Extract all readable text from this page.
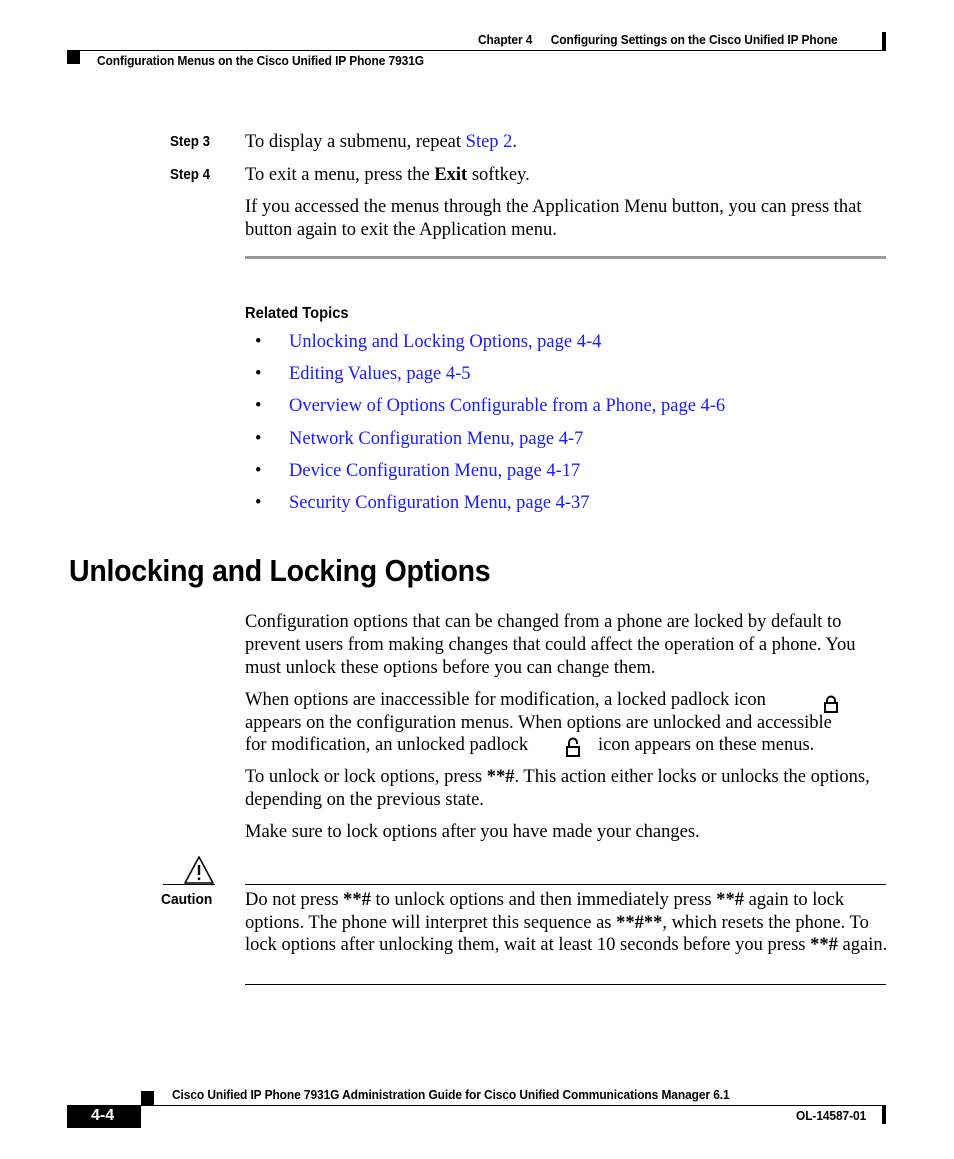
Chapter 4 Configuring Settings on the Cisco Unified IP Phone
Configuration Menus on the Cisco Unified IP Phone 7931G
Step 3 To display a submenu, repeat Step 2.
Step 4 To exit a menu, press the Exit softkey.
If you accessed the menus through the Application Menu button, you can press that button again to exit the Application menu.
Related Topics
• Unlocking and Locking Options, page 4-4
• Editing Values, page 4-5
• Overview of Options Configurable from a Phone, page 4-6
• Network Configuration Menu, page 4-7
• Device Configuration Menu, page 4-17
• Security Configuration Menu, page 4-37
Unlocking and Locking Options
Configuration options that can be changed from a phone are locked by default to prevent users from making changes that could affect the operation of a phone. You must unlock these options before you can change them.
When options are inaccessible for modification, a locked padlock icon
appears on the configuration menus. When options are unlocked and accessible
for modification, an unlocked padlock	icon appears on these menus.
To unlock or lock options, press **#. This action either locks or unlocks the options, depending on the previous state.
Make sure to lock options after you have made your changes.
Caution Do not press **# to unlock options and then immediately press **# again to lock options. The phone will interpret this sequence as **#**, which resets the phone. To lock options after unlocking them, wait at least 10 seconds before you press **# again.
Cisco Unified IP Phone 7931G Administration Guide for Cisco Unified Communications Manager 6.1
4-4	OL-14587-01
